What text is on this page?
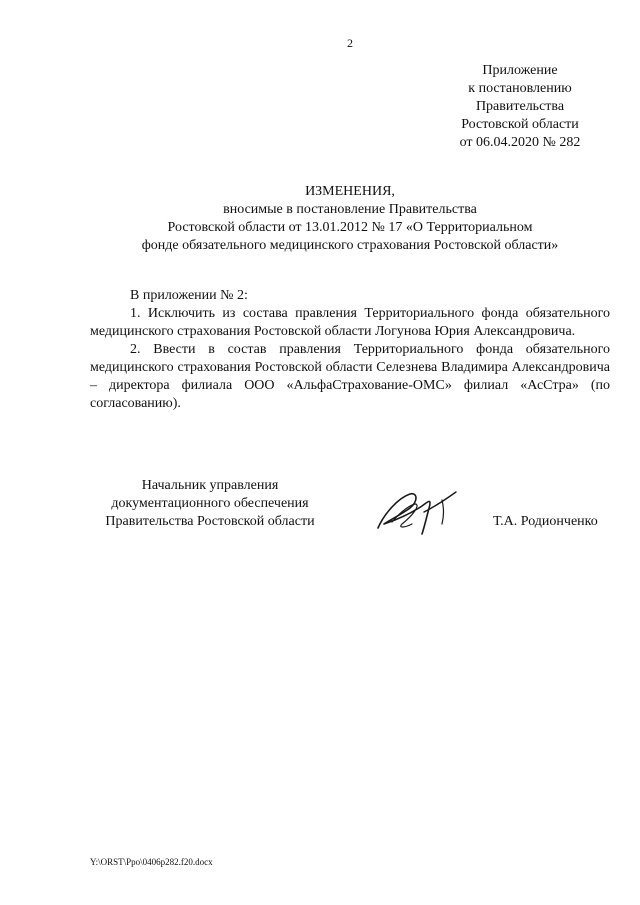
2
Приложение
к постановлению
Правительства
Ростовской области
от 06.04.2020 № 282
ИЗМЕНЕНИЯ,
вносимые в постановление Правительства
Ростовской области от 13.01.2012 № 17 «О Территориальном
фонде обязательного медицинского страхования Ростовской области»

В приложении № 2:

1. Исключить из состава правления Территориального фонда обязательного медицинского страхования Ростовской области Логунова Юрия Александровича.

2. Ввести в состав правления Территориального фонда обязательного медицинского страхования Ростовской области Селезнева Владимира Александровича – директора филиала ООО «АльфаСтрахование-ОМС» филиал «АсСтра» (по согласованию).

Начальник управления
документационного обеспечения
Правительства Ростовской области	Т.А. Родионченко
Y:\ORST\Ppo\0406p282.f20.docx
